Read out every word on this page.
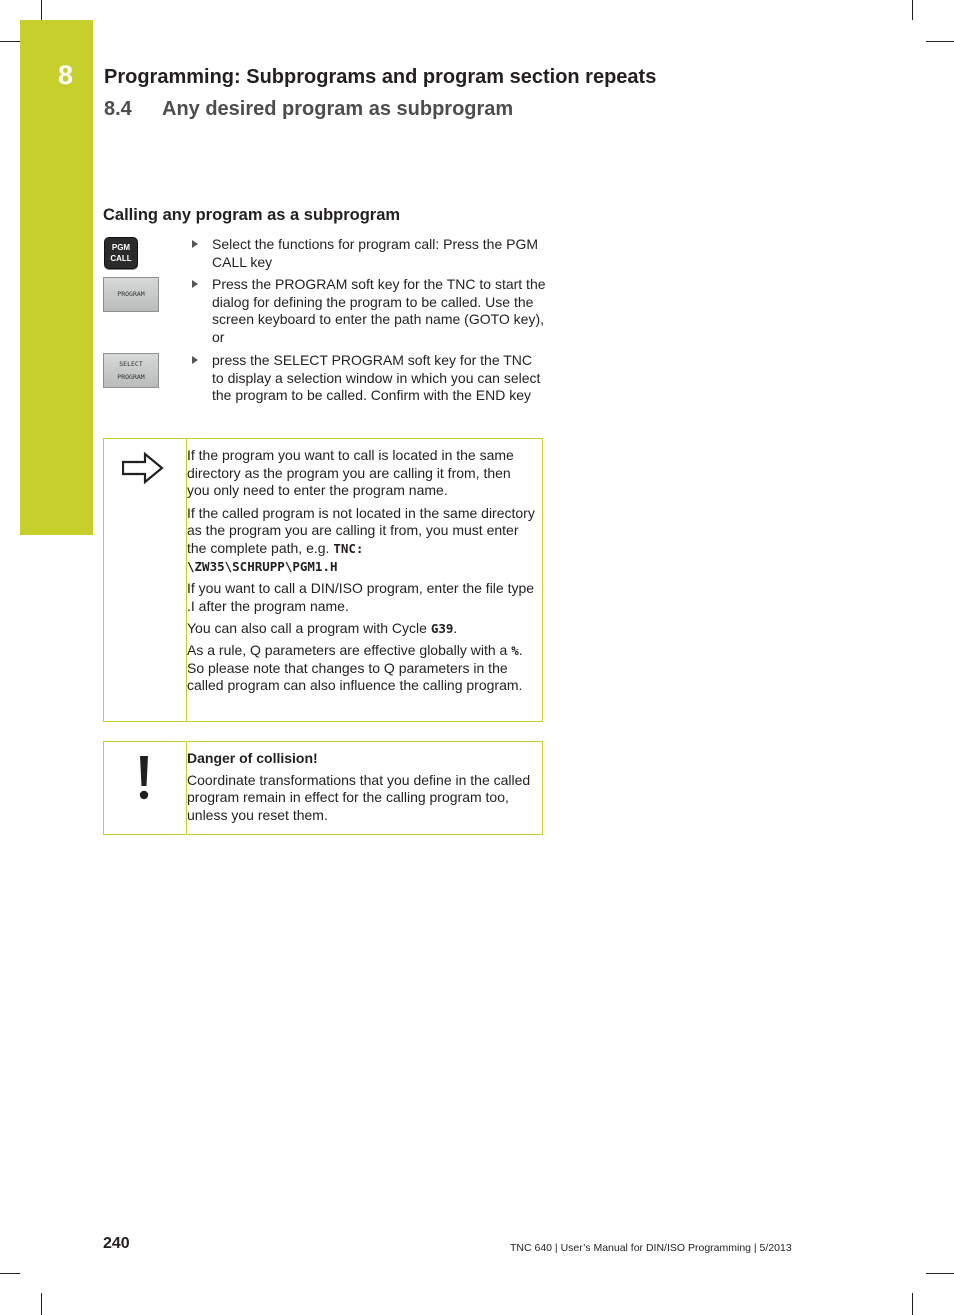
8 Programming: Subprograms and program section repeats
8.4 Any desired program as subprogram
Calling any program as a subprogram
PGM
CALL
PROGRAM
SELECT
PROGRAM
Select the functions for program call: Press the PGM CALL key
Press the PROGRAM soft key for the TNC to start the dialog for defining the program to be called. Use the screen keyboard to enter the path name (GOTO key), or
press the SELECT PROGRAM soft key for the TNC to display a selection window in which you can select the program to be called. Confirm with the END key

If the program you want to call is located in the same directory as the program you are calling it from, then you only need to enter the program name.

If the called program is not located in the same directory as the program you are calling it from, you must enter the complete path, e.g. TNC:
\ZW35\SCHRUPP\PGM1.H

If you want to call a DIN/ISO program, enter the file type .I after the program name.

You can also call a program with Cycle G39.

As a rule, Q parameters are effective globally with a %. So please note that changes to Q parameters in the called program can also influence the calling program.

Danger of collision!
Coordinate transformations that you define in the called program remain in effect for the calling program too, unless you reset them.
240	TNC 640 | User’s Manual for DIN/ISO Programming | 5/2013
